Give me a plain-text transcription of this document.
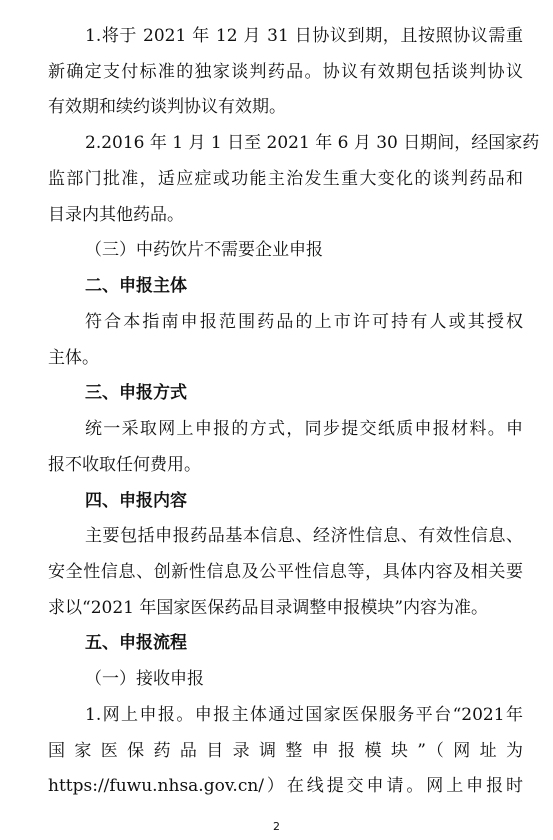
1.将于 2021 年 12 月 31 日协议到期，且按照协议需重
新确定支付标准的独家谈判药品。协议有效期包括谈判协议
有效期和续约谈判协议有效期。
2.2016 年 1 月 1 日至 2021 年 6 月 30 日期间，经国家药
监部门批准，适应症或功能主治发生重大变化的谈判药品和
目录内其他药品。
（三）中药饮片不需要企业申报
二、申报主体
符合本指南申报范围药品的上市许可持有人或其授权
主体。
三、申报方式
统一采取网上申报的方式，同步提交纸质申报材料。申
报不收取任何费用。
四、申报内容
主要包括申报药品基本信息、经济性信息、有效性信息、
安全性信息、创新性信息及公平性信息等，具体内容及相关要
求以“2021 年国家医保药品目录调整申报模块”内容为准。
五、申报流程
（一）接收申报
1.网上申报。申报主体通过国家医保服务平台“2021年
国家医保药品目录调整申报模块”（网址为
https://fuwu.nhsa.gov.cn/）在线提交申请。网上申报时
2
